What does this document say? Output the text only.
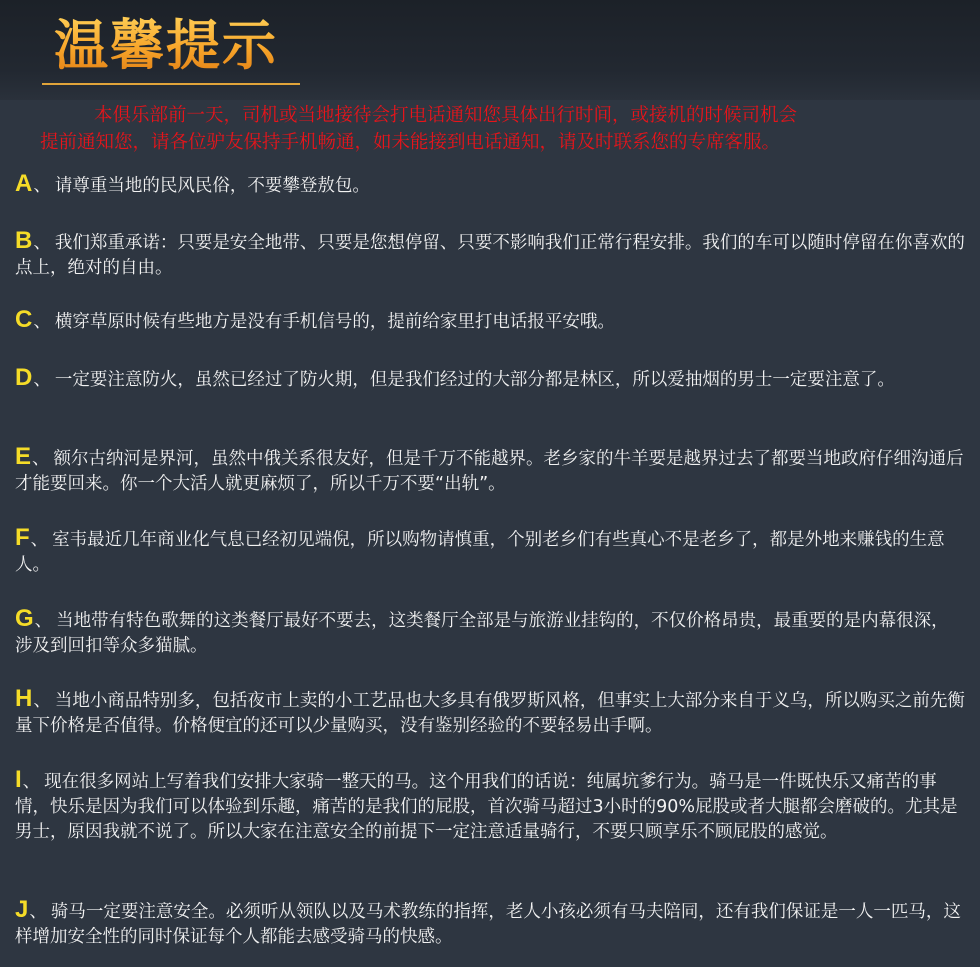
温馨提示
本俱乐部前一天，司机或当地接待会打电话通知您具体出行时间，或接机的时候司机会
提前通知您，请各位驴友保持手机畅通，如未能接到电话通知，请及时联系您的专席客服。
A、 请尊重当地的民风民俗，不要攀登敖包。
B、 我们郑重承诺：只要是安全地带、只要是您想停留、只要不影响我们正常行程安排。我们的车可以随时停留在你喜欢的点上，绝对的自由。
C、 横穿草原时候有些地方是没有手机信号的，提前给家里打电话报平安哦。
D、 一定要注意防火，虽然已经过了防火期，但是我们经过的大部分都是林区，所以爱抽烟的男士一定要注意了。
E、 额尔古纳河是界河，虽然中俄关系很友好，但是千万不能越界。老乡家的牛羊要是越界过去了都要当地政府仔细沟通后才能要回来。你一个大活人就更麻烦了，所以千万不要“出轨”。
F、 室韦最近几年商业化气息已经初见端倪，所以购物请慎重，个别老乡们有些真心不是老乡了，都是外地来赚钱的生意人。
G、 当地带有特色歌舞的这类餐厅最好不要去，这类餐厅全部是与旅游业挂钩的，不仅价格昂贵，最重要的是内幕很深，涉及到回扣等众多猫腻。
H、 当地小商品特别多，包括夜市上卖的小工艺品也大多具有俄罗斯风格，但事实上大部分来自于义乌，所以购买之前先衡量下价格是否值得。价格便宜的还可以少量购买，没有鉴别经验的不要轻易出手啊。
I、 现在很多网站上写着我们安排大家骑一整天的马。这个用我们的话说：纯属坑爹行为。骑马是一件既快乐又痛苦的事情，快乐是因为我们可以体验到乐趣，痛苦的是我们的屁股，首次骑马超过3小时的90%屁股或者大腿都会磨破的。尤其是男士，原因我就不说了。所以大家在注意安全的前提下一定注意适量骑行，不要只顾享乐不顾屁股的感觉。
J、 骑马一定要注意安全。必须听从领队以及马术教练的指挥，老人小孩必须有马夫陪同，还有我们保证是一人一匹马，这样增加安全性的同时保证每个人都能去感受骑马的快感。
